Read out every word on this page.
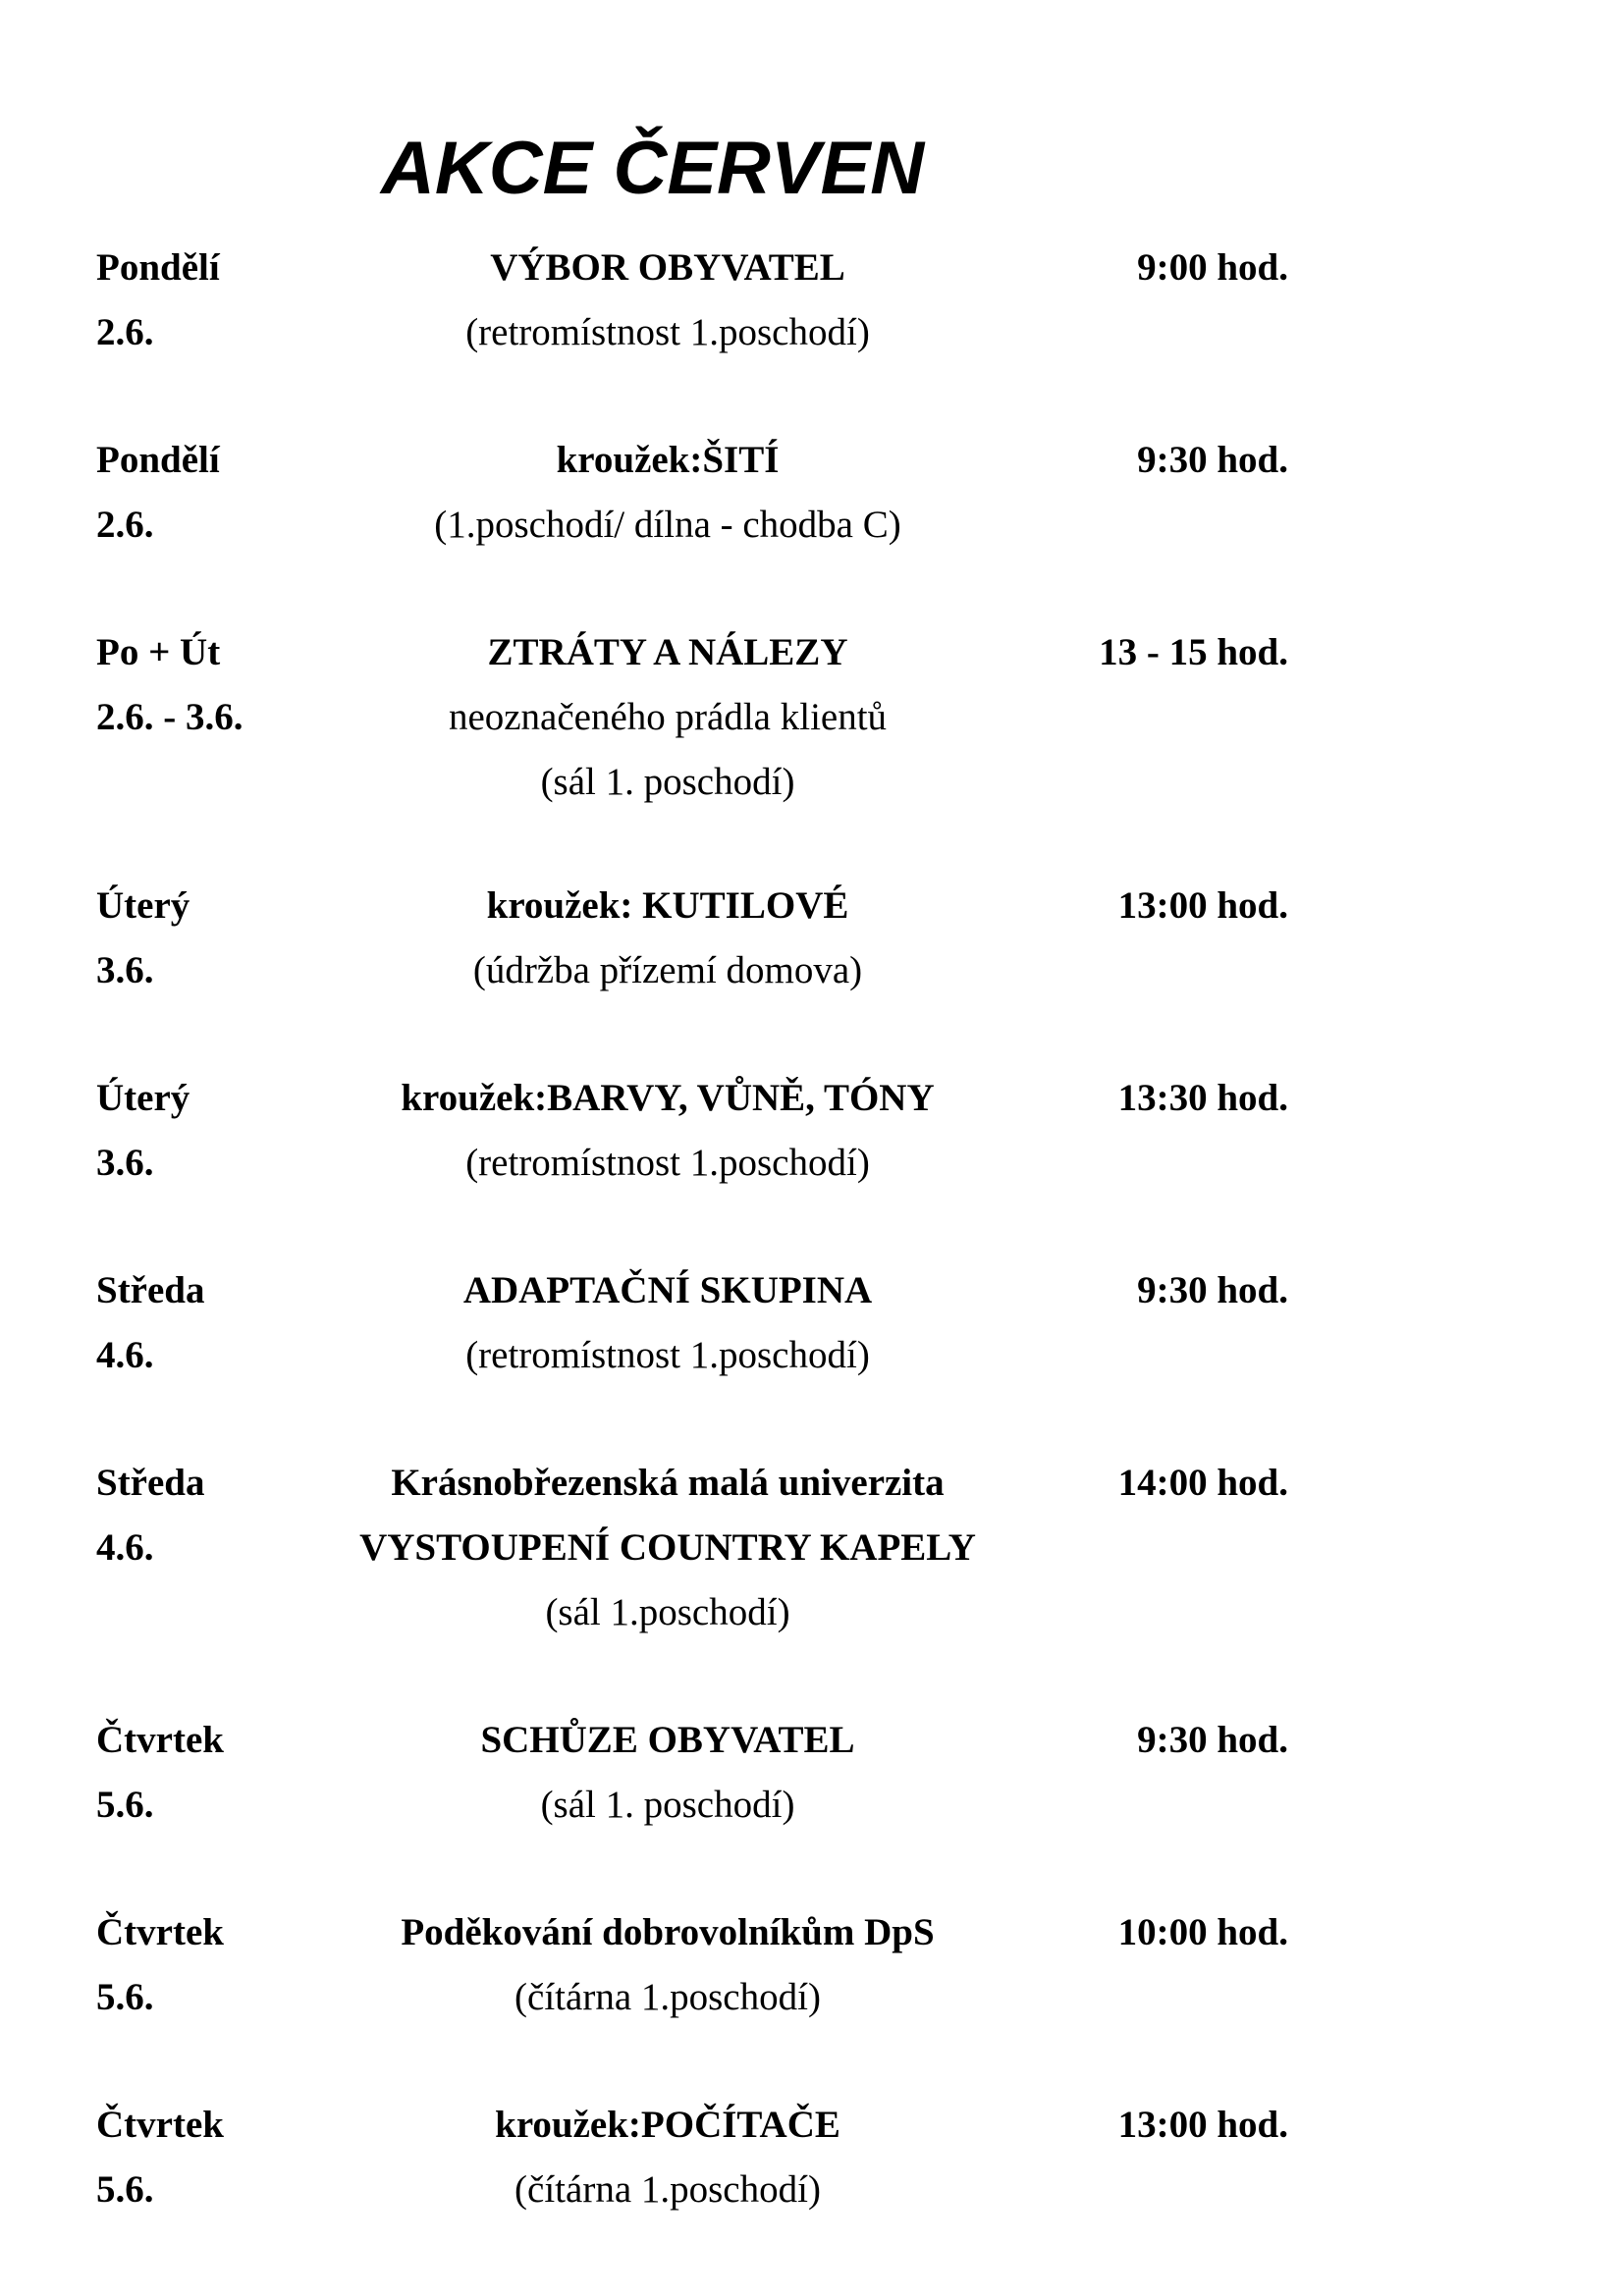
AKCE ČERVEN
Pondělí
2.6.
VÝBOR OBYVATEL
(retromístnost 1.poschodí)
9:00 hod.
Pondělí
2.6.
kroužek:ŠITÍ
(1.poschodí/ dílna - chodba C)
9:30 hod.
Po + Út
2.6. - 3.6.
ZTRÁTY A NÁLEZY
neoznačeného prádla klientů
(sál 1. poschodí)
13 - 15 hod.
Úterý
3.6.
kroužek: KUTILOVÉ
(údržba přízemí domova)
13:00 hod.
Úterý
3.6.
kroužek:BARVY, VŮNĚ, TÓNY
(retromístnost 1.poschodí)
13:30 hod.
Středa
4.6.
ADAPTAČNÍ SKUPINA
(retromístnost 1.poschodí)
9:30 hod.
Středa
4.6.
Krásnobřezenská malá univerzita
VYSTOUPENÍ COUNTRY KAPELY
(sál 1.poschodí)
14:00 hod.
Čtvrtek
5.6.
SCHŮZE OBYVATEL
(sál 1. poschodí)
9:30 hod.
Čtvrtek
5.6.
Poděkování dobrovolníkům DpS
(čítárna 1.poschodí)
10:00 hod.
Čtvrtek
5.6.
kroužek:POČÍTAČE
(čítárna 1.poschodí)
13:00 hod.
